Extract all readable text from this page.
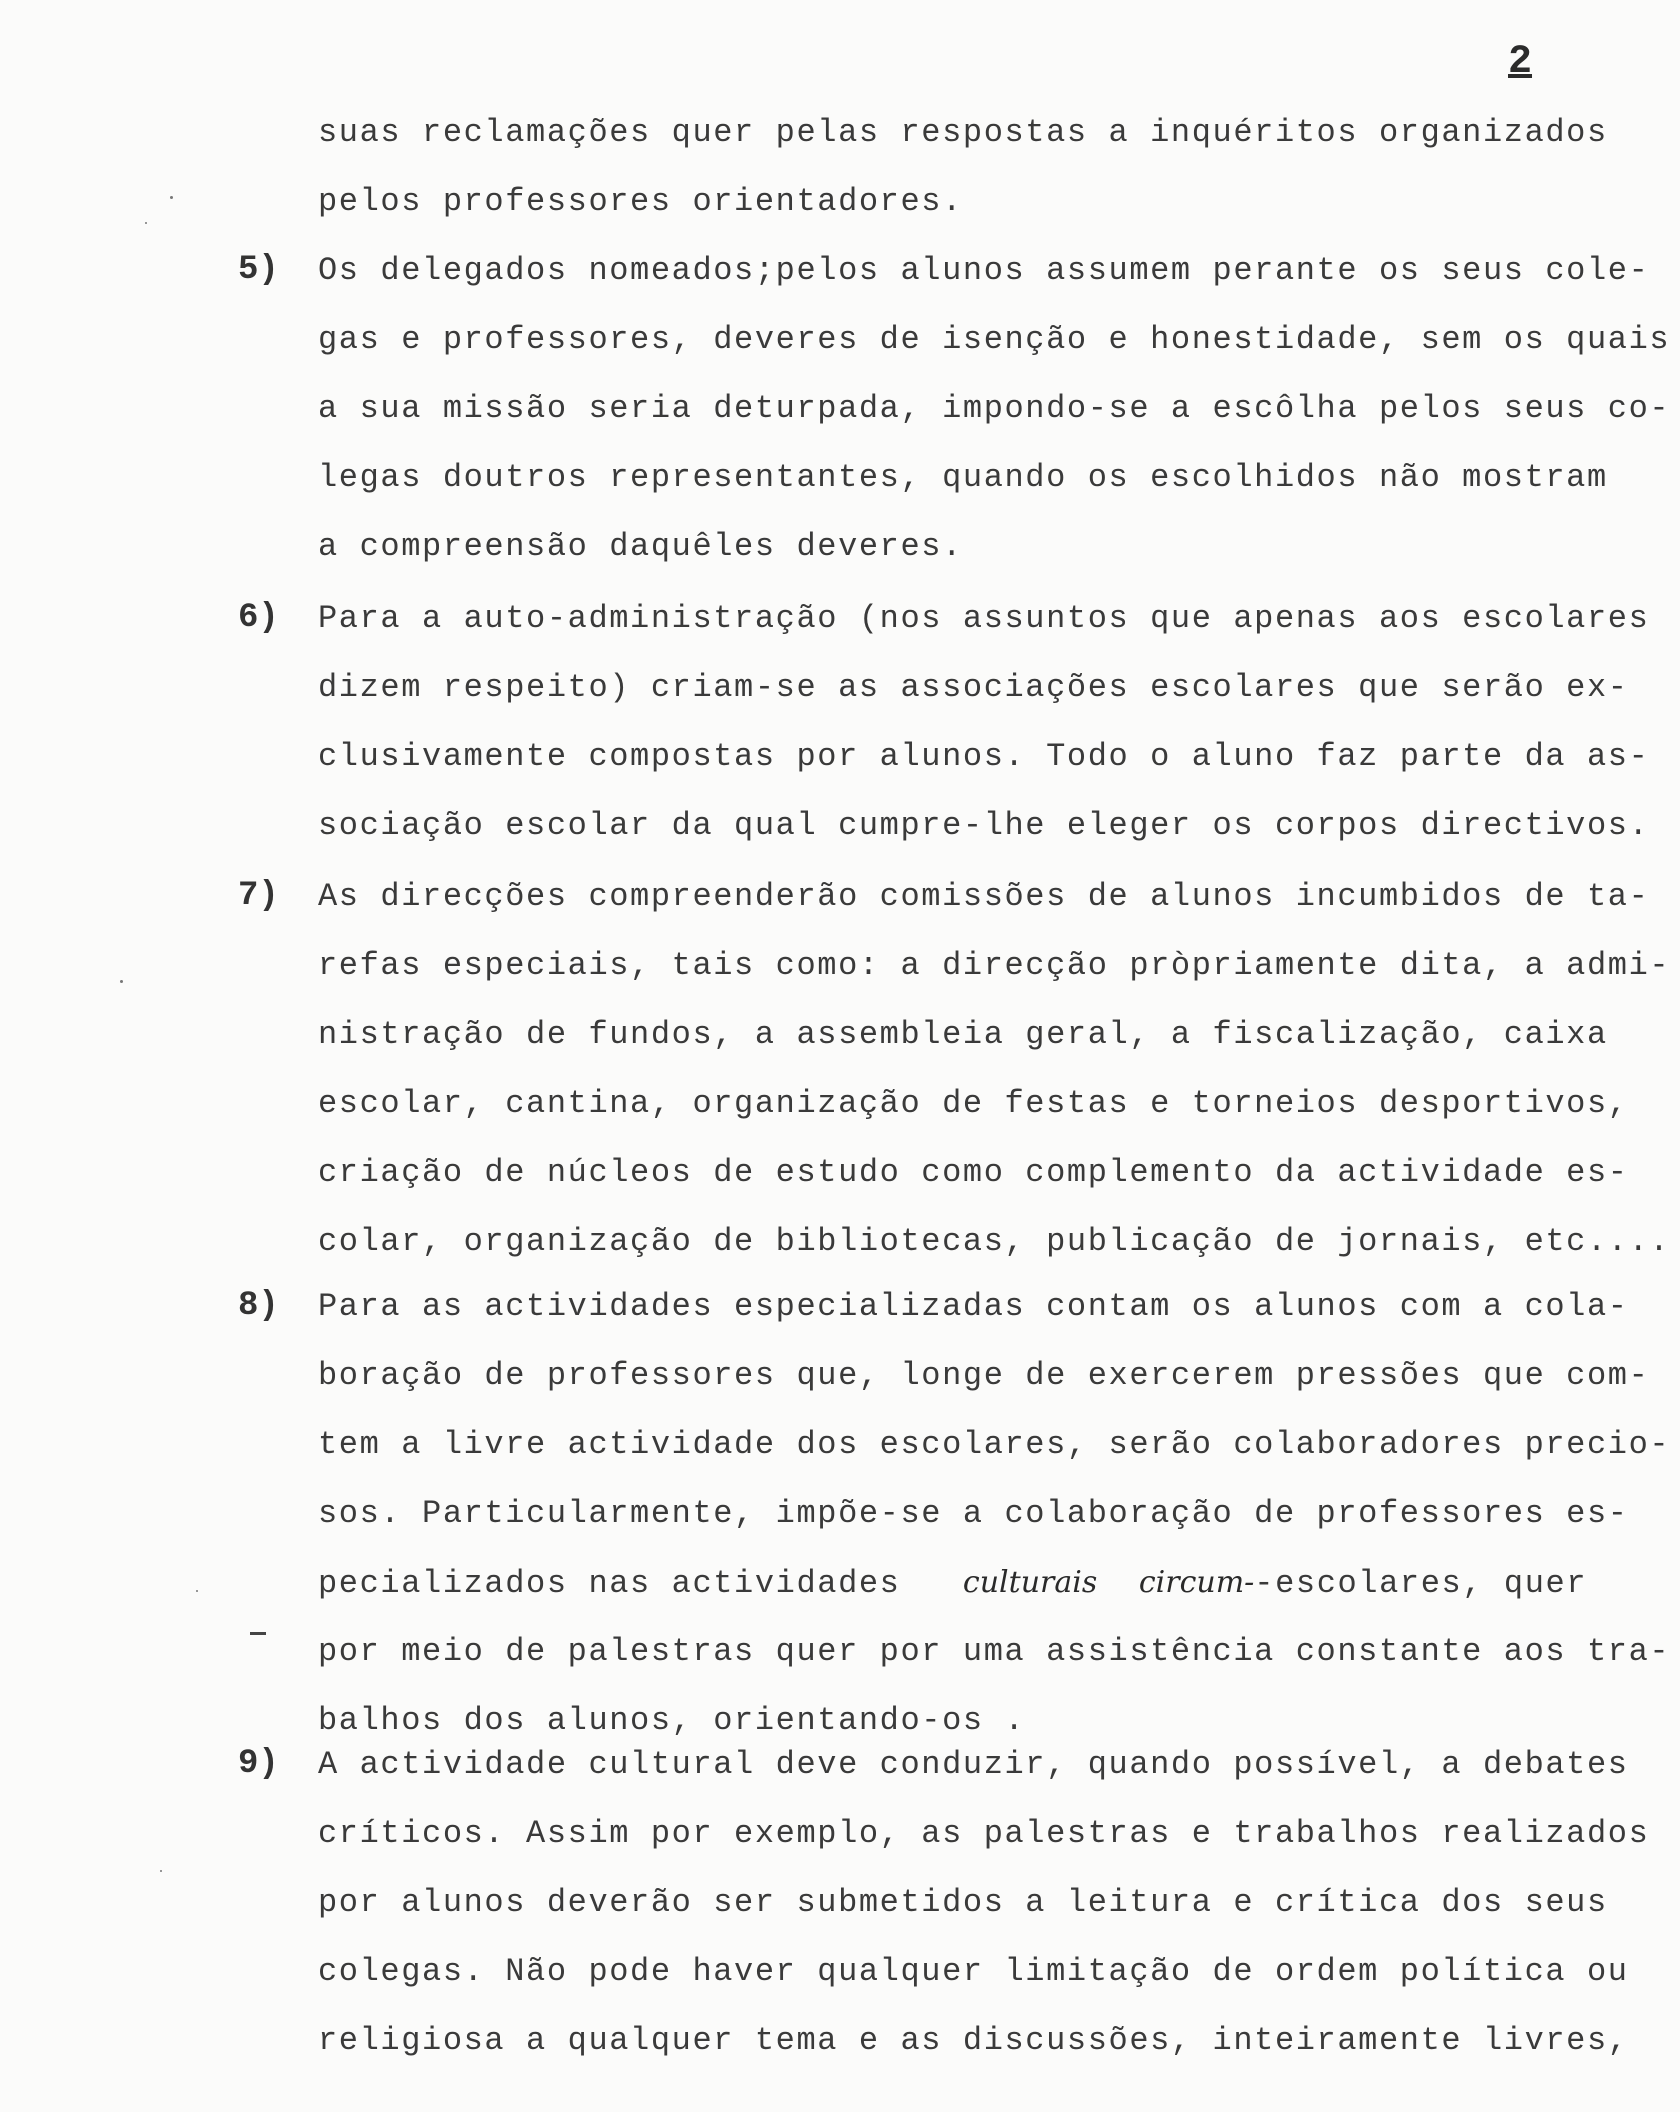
2
suas reclamações quer pelas respostas a inquéritos organizados
pelos professores orientadores.
5) Os delegados nomeados;pelos alunos assumem perante os seus cole-
gas e professores, deveres de isenção e honestidade, sem os quais
a sua missão seria deturpada, impondo-se a escôlha pelos seus co-
legas doutros representantes, quando os escolhidos não mostram
a compreensão daquêles deveres.
6) Para a auto-administração (nos assuntos que apenas aos escolares
dizem respeito) criam-se as associações escolares que serão ex-
clusivamente compostas por alunos. Todo o aluno faz parte da as-
sociação escolar da qual cumpre-lhe eleger os corpos directivos.
7) As direcções compreenderão comissões de alunos incumbidos de ta-
refas especiais, tais como: a direcção pròpriamente dita, a admi-
nistração de fundos, a assembleia geral, a fiscalização, caixa
escolar, cantina, organização de festas e torneios desportivos,
criação de núcleos de estudo como complemento da actividade es-
colar, organização de bibliotecas, publicação de jornais, etc....
8) Para as actividades especializadas contam os alunos com a cola-
boração de professores que, longe de exercerem pressões que com-
tem a livre actividade dos escolares, serão colaboradores precio-
sos. Particularmente, impõe-se a colaboração de professores es-
pecializados nas actividades culturais circum--escolares, quer
por meio de palestras quer por uma assistência constante aos tra-
balhos dos alunos, orientando-os .
9) A actividade cultural deve conduzir, quando possível, a debates
críticos. Assim por exemplo, as palestras e trabalhos realizados
por alunos deverão ser submetidos a leitura e crítica dos seus
colegas. Não pode haver qualquer limitação de ordem política ou
religiosa a qualquer tema e as discussões, inteiramente livres,
